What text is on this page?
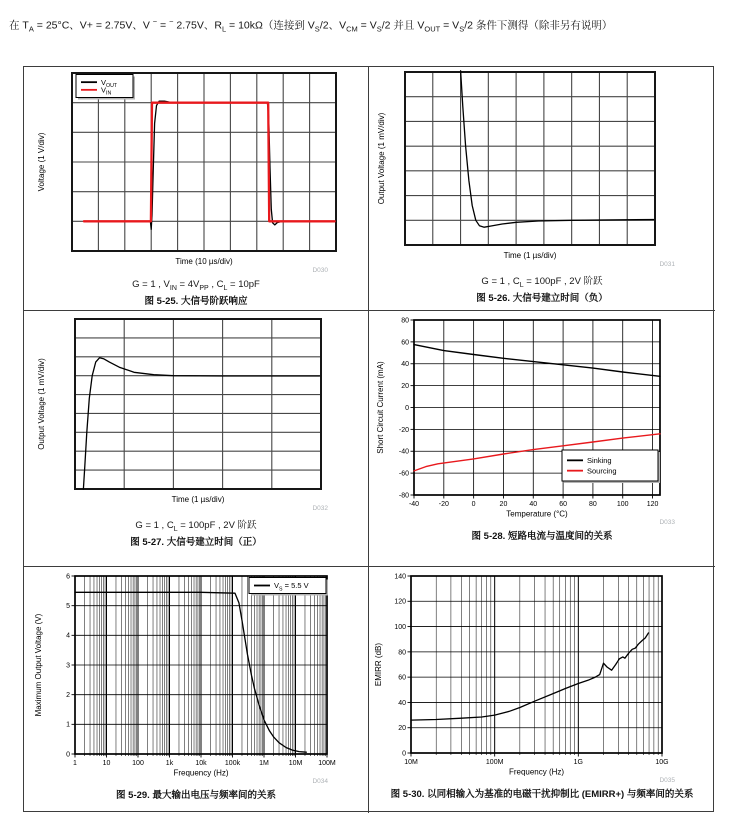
在 $T_A = 25^\circ C$、V+ = 2.75V、V − = − 2.75V、$R_L = 10k\Omega$（连接到 $V_S/2$、$V_{CM} = V_S/2$ 并且 $V_{OUT} = V_S/2$ 条件下测得（除非另有说明）

Time (10 µs/div)
Voltage (1 V/div)
$V_{OUT}$
$V_{IN}$
D030
G = 1 , $V_{IN} = 4V_{PP}$ , $C_L = 10pF$
图 5-25. 大信号阶跃响应
Time (1 µs/div)
Output Voltage (1 mV/div)
D031
G = 1 , $C_L = 100pF$ , 2V 阶跃
图 5-26. 大信号建立时间（负）
Time (1 µs/div)
Output Voltage (1 mV/div)
D032
G = 1 , $C_L = 100pF$ , 2V 阶跃
图 5-27. 大信号建立时间（正）
-40	-20	0	20	40	60	80	100	120
-80
-60
-40
-20
0
20
40
60
80
Temperature (°C)
Short Circuit Current (mA)
Sinking
Sourcing
D033
图 5-28. 短路电流与温度间的关系
1	10	100	1k	10k	100k	1M	10M 100M
0
1
2
3
4
5
6
Frequency (Hz)
Maximum Output Voltage (V)
$V_S = 5.5$ V
D034
图 5-29. 最大输出电压与频率间的关系
10M	100M	1G	10G
0
20
40
60
80
100
120
140
Frequency (Hz)
EMIRR (dB)
D035
图 5-30. 以同相输入为基准的电磁干扰抑制比 (EMIRR+) 与频率间的关系
